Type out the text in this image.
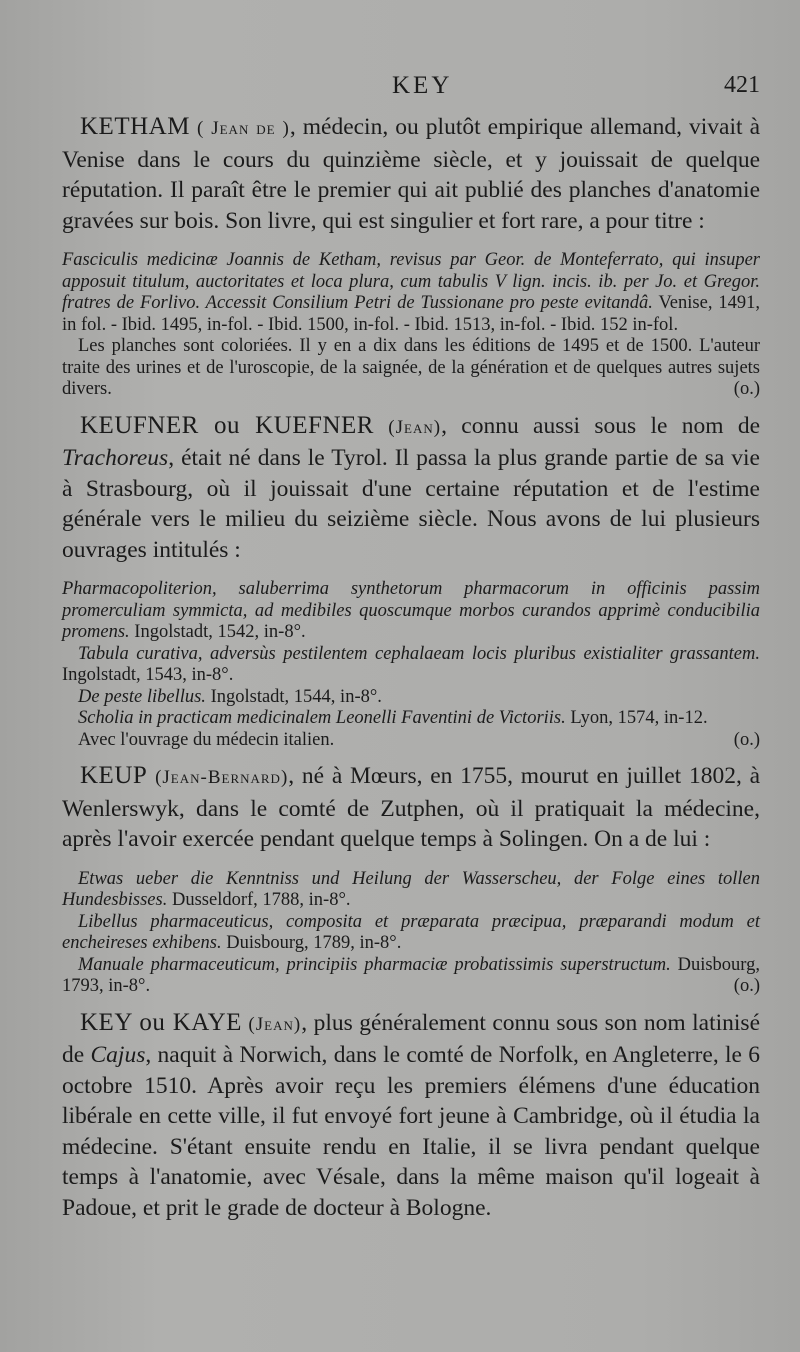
KEY	421

KETHAM ( Jean de ), médecin, ou plutôt empirique allemand, vivait à Venise dans le cours du quinzième siècle, et y jouissait de quelque réputation. Il paraît être le premier qui ait publié des planches d'anatomie gravées sur bois. Son livre, qui est singulier et fort rare, a pour titre :

Fasciculis medicinæ Joannis de Ketham, revisus par Geor. de Monteferrato, qui insuper apposuit titulum, auctoritates et loca plura, cum tabulis V lign. incis. ib. per Jo. et Gregor. fratres de Forlivo. Accessit Consilium Petri de Tussionane pro peste evitandâ. Venise, 1491, in fol. - Ibid. 1495, in-fol. - Ibid. 1500, in-fol. - Ibid. 1513, in-fol. - Ibid. 152 in-fol.

Les planches sont coloriées. Il y en a dix dans les éditions de 1495 et de 1500. L'auteur traite des urines et de l'uroscopie, de la saignée, de la génération et de quelques autres sujets divers.	(o.)

KEUFNER ou KUEFNER (Jean), connu aussi sous le nom de Trachoreus, était né dans le Tyrol. Il passa la plus grande partie de sa vie à Strasbourg, où il jouissait d'une certaine réputation et de l'estime générale vers le milieu du seizième siècle. Nous avons de lui plusieurs ouvrages intitulés :

Pharmacopoliterion, saluberrima synthetorum pharmacorum in officinis passim promerculiam symmicta, ad medibiles quoscumque morbos curandos apprimè conducibilia promens. Ingolstadt, 1542, in-8°.

Tabula curativa, adversùs pestilentem cephalaeam locis pluribus existialiter grassantem. Ingolstadt, 1543, in-8°.

De peste libellus. Ingolstadt, 1544, in-8°.

Scholia in practicam medicinalem Leonelli Faventini de Victoriis. Lyon, 1574, in-12.

Avec l'ouvrage du médecin italien.	(o.)

KEUP (Jean-Bernard), né à Mœurs, en 1755, mourut en juillet 1802, à Wenlerswyk, dans le comté de Zutphen, où il pratiquait la médecine, après l'avoir exercée pendant quelque temps à Solingen. On a de lui :

Etwas ueber die Kenntniss und Heilung der Wasserscheu, der Folge eines tollen Hundesbisses. Dusseldorf, 1788, in-8°.

Libellus pharmaceuticus, composita et præparata præcipua, præparandi modum et encheireses exhibens. Duisbourg, 1789, in-8°.

Manuale pharmaceuticum, principiis pharmaciæ probatissimis superstructum. Duisbourg, 1793, in-8°.	(o.)

KEY ou KAYE (Jean), plus généralement connu sous son nom latinisé de Cajus, naquit à Norwich, dans le comté de Norfolk, en Angleterre, le 6 octobre 1510. Après avoir reçu les premiers élémens d'une éducation libérale en cette ville, il fut envoyé fort jeune à Cambridge, où il étudia la médecine. S'étant ensuite rendu en Italie, il se livra pendant quelque temps à l'anatomie, avec Vésale, dans la même maison qu'il logeait à Padoue, et prit le grade de docteur à Bologne.
